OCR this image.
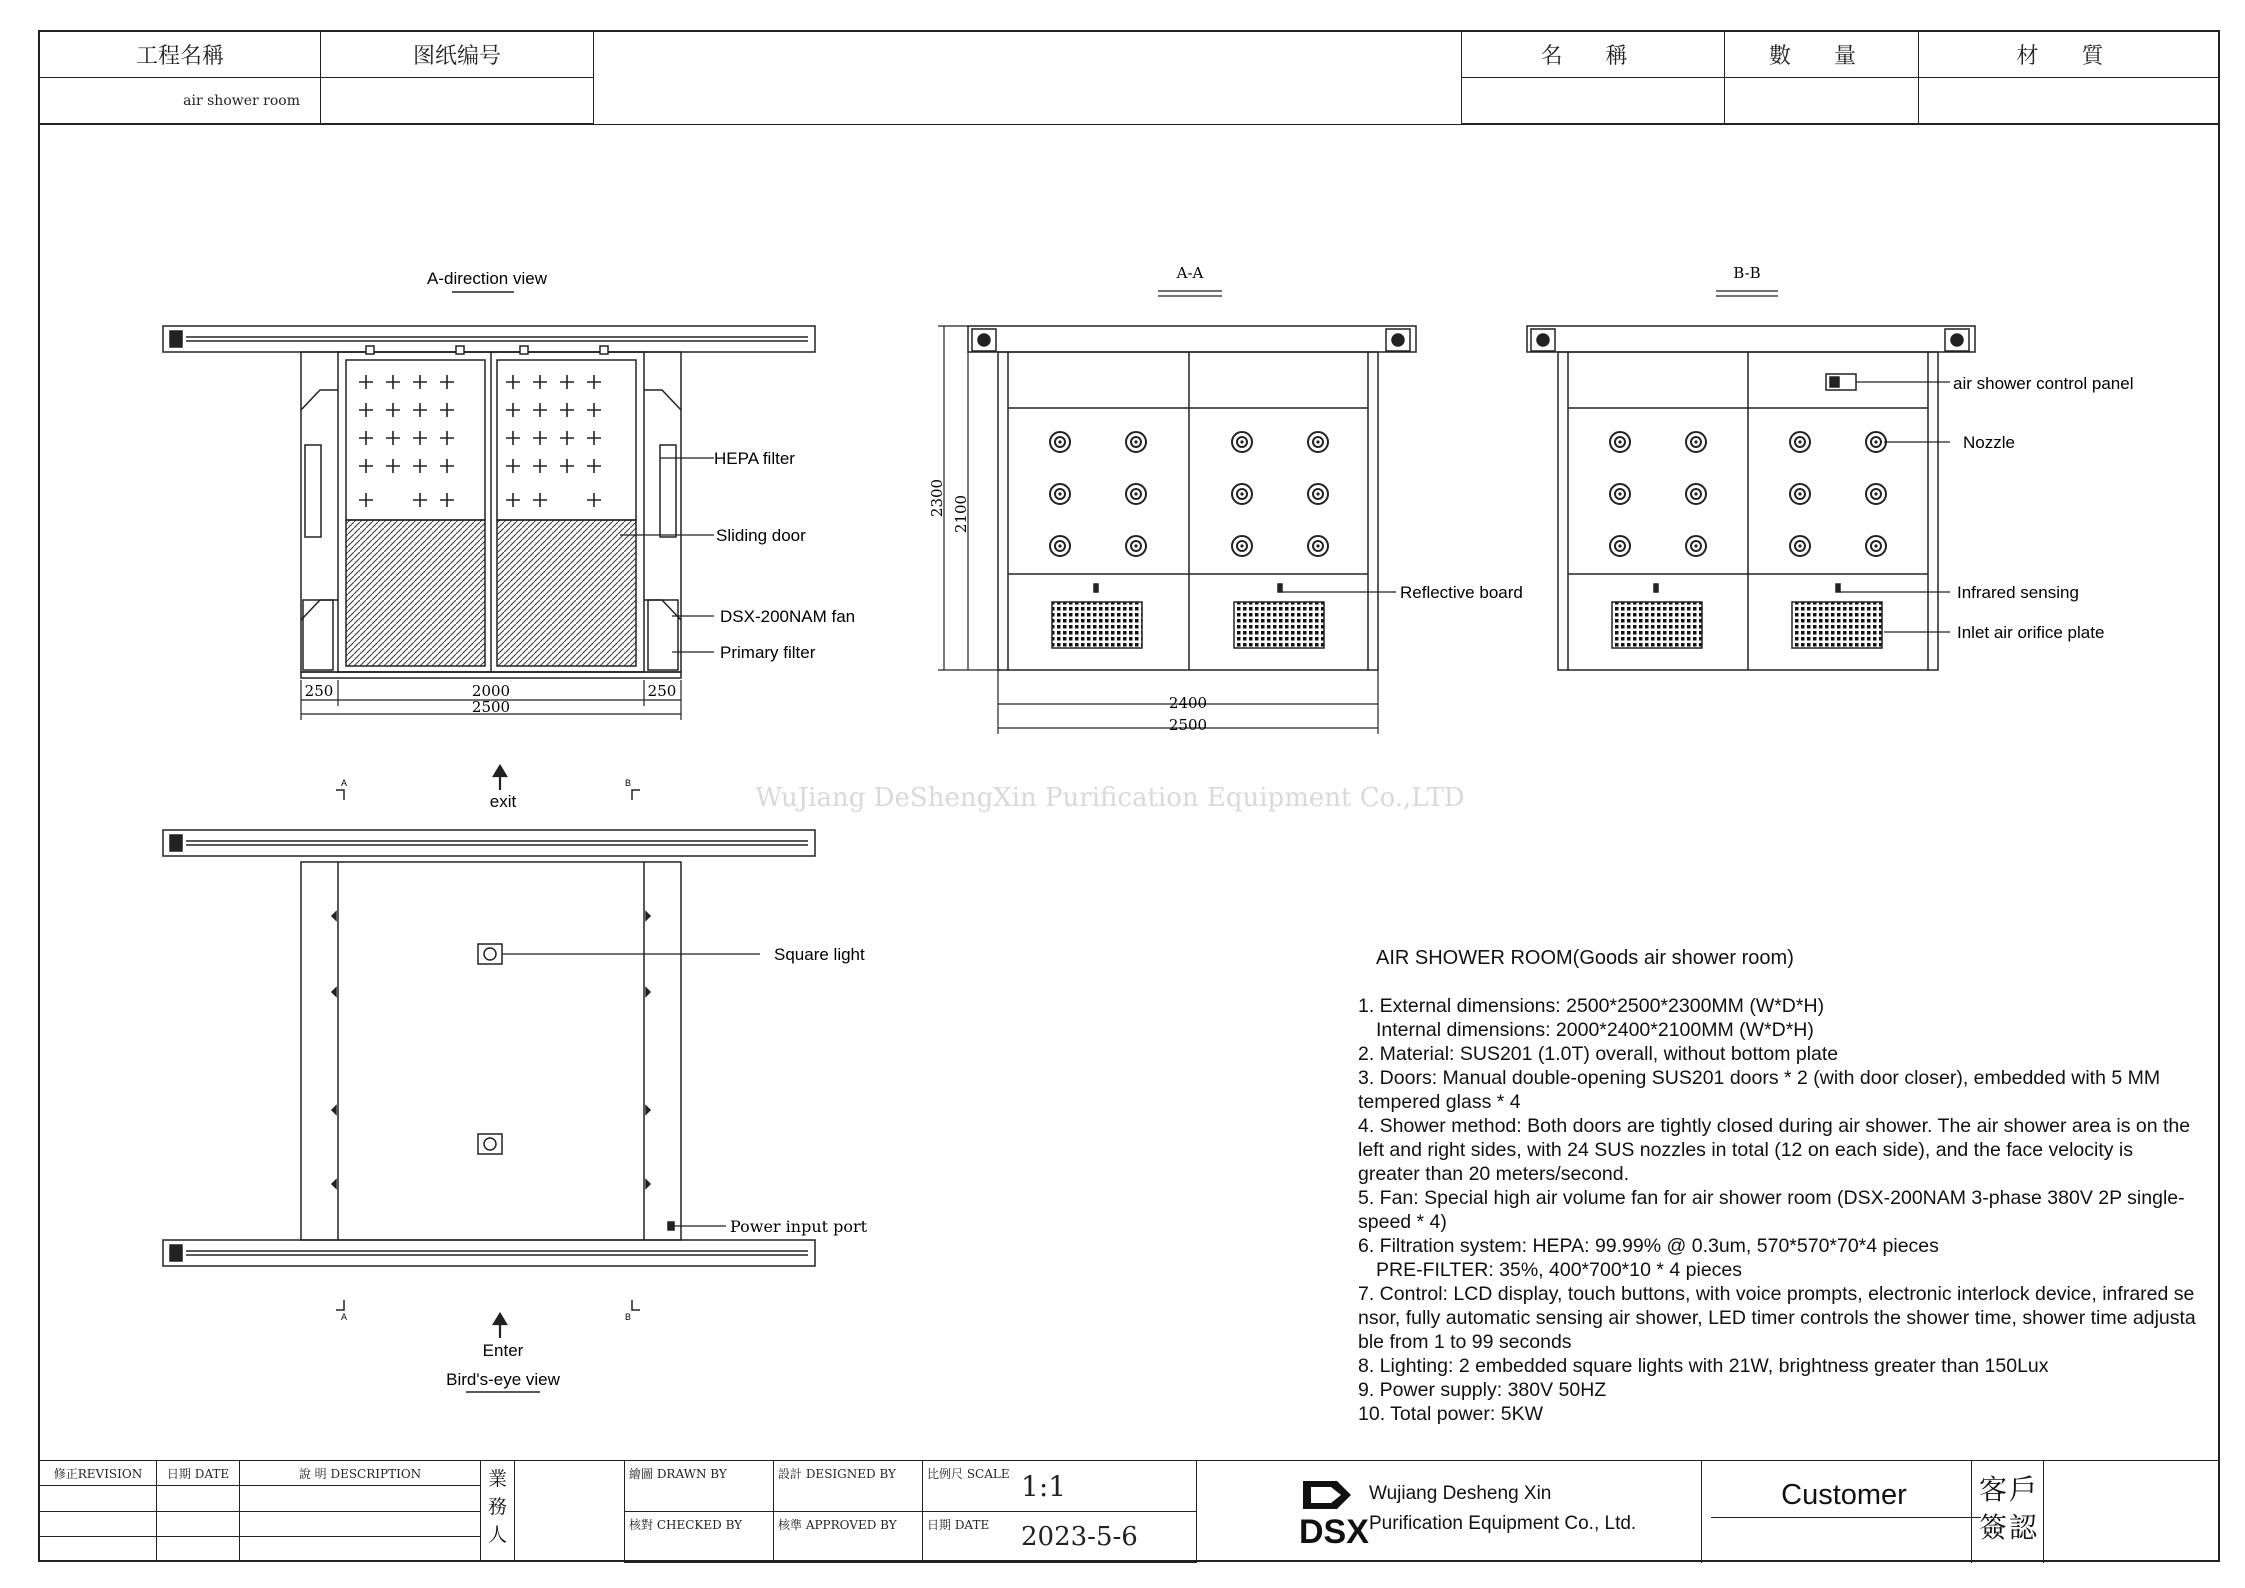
工程名稱	图纸编号
air shower room	
名 稱	數 量	材 質

A-direction view
HEPA filter
Sliding door
DSX-200NAM fan
Primary filter
250	2000	250
2500
A-A
Reflective board
2300 2100
2400
2500
B-B
air shower control panel
Nozzle
Infrared sensing
Inlet air orifice plate
WuJiang DeShengXin Purification Equipment Co.,LTD
A	B
A	B
exit
Enter
Square light
Power input port
Bird's-eye view

AIR SHOWER ROOM(Goods air shower room)

1. External dimensions: 2500*2500*2300MM (W*D*H)

Internal dimensions: 2000*2400*2100MM (W*D*H)

2. Material: SUS201 (1.0T) overall, without bottom plate

3. Doors: Manual double-opening SUS201 doors * 2 (with door closer), embedded with 5 MM tempered glass * 4

4. Shower method: Both doors are tightly closed during air shower. The air shower area is on the left and right sides, with 24 SUS nozzles in total (12 on each side), and the face velocity is greater than 20 meters/second.

5. Fan: Special high air volume fan for air shower room (DSX-200NAM 3-phase 380V 2P single-speed * 4)

6. Filtration system: HEPA: 99.99% @ 0.3um, 570*570*70*4 pieces

PRE-FILTER: 35%, 400*700*10 * 4 pieces

7. Control: LCD display, touch buttons, with voice prompts, electronic interlock device, infrared sensor, fully automatic sensing air shower, LED timer controls the shower time, shower time adjustable from 1 to 99 seconds

8. Lighting: 2 embedded square lights with 21W, brightness greater than 150Lux

9. Power supply: 380V 50HZ

10. Total power: 5KW

修正REVISION	日期 DATE	說 明 DESCRIPTION

			業務人
繪圖 DRAWN BY	設計 DESIGNED BY	比例尺 SCALE	1:1
核對 CHECKED BY	核準 APPROVED BY	日期 DATE	2023-5-6	DSX
Wujiang Desheng Xin
Purification Equipment Co., Ltd.
Customer	客戶簽認
